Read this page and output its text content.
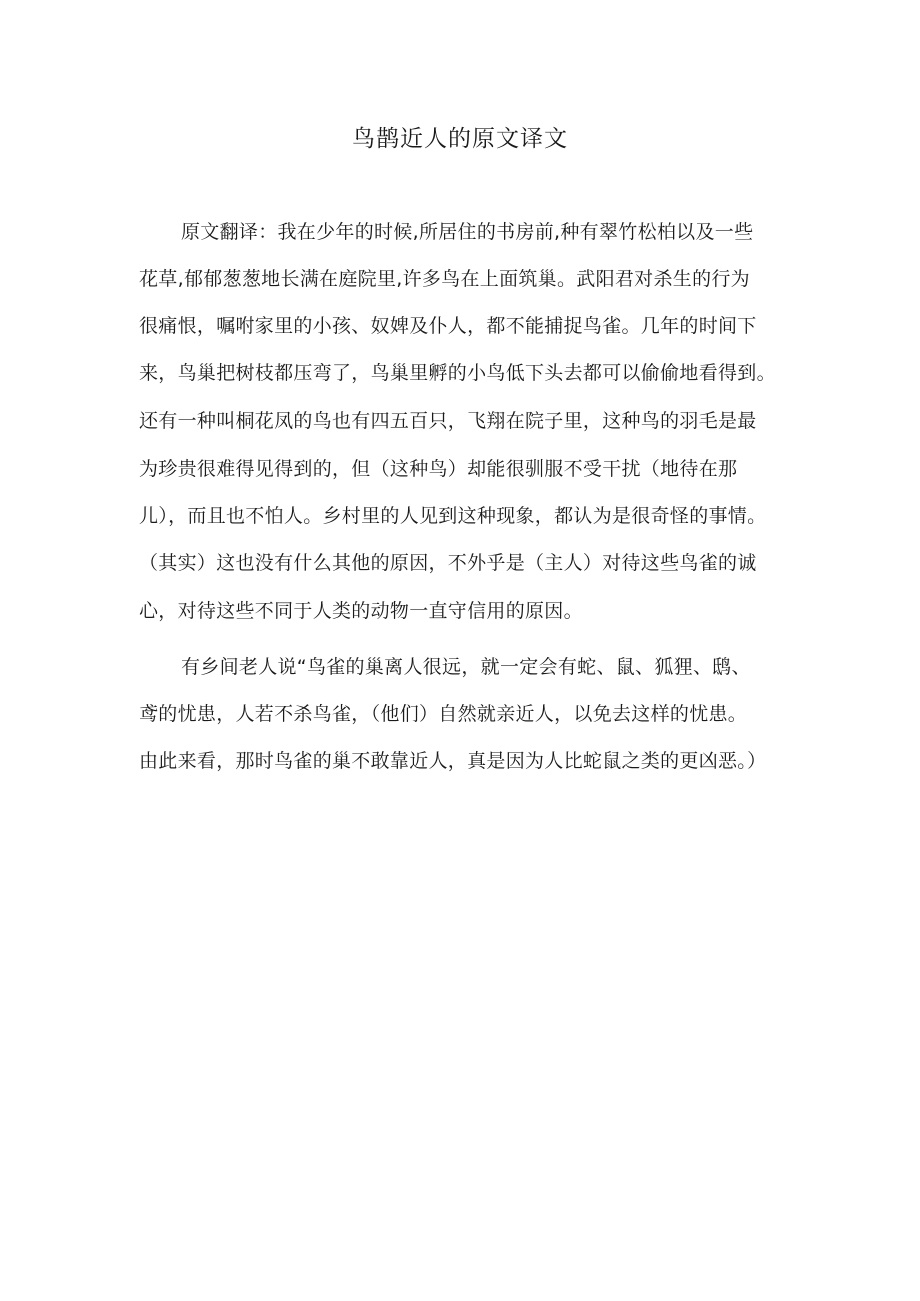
鸟鹊近人的原文译文

原文翻译：我在少年的时候,所居住的书房前,种有翠竹松柏以及一些

花草,郁郁葱葱地长满在庭院里,许多鸟在上面筑巢。武阳君对杀生的行为

很痛恨，嘱咐家里的小孩、奴婢及仆人，都不能捕捉鸟雀。几年的时间下

来，鸟巢把树枝都压弯了，鸟巢里孵的小鸟低下头去都可以偷偷地看得到。

还有一种叫桐花凤的鸟也有四五百只，飞翔在院子里，这种鸟的羽毛是最

为珍贵很难得见得到的，但（这种鸟）却能很驯服不受干扰（地待在那

儿），而且也不怕人。乡村里的人见到这种现象，都认为是很奇怪的事情。

（其实）这也没有什么其他的原因，不外乎是（主人）对待这些鸟雀的诚

心，对待这些不同于人类的动物一直守信用的原因。

有乡间老人说“鸟雀的巢离人很远，就一定会有蛇、鼠、狐狸、鸱、

鸢的忧患，人若不杀鸟雀，（他们）自然就亲近人，以免去这样的忧患。

由此来看，那时鸟雀的巢不敢靠近人，真是因为人比蛇鼠之类的更凶恶。）
